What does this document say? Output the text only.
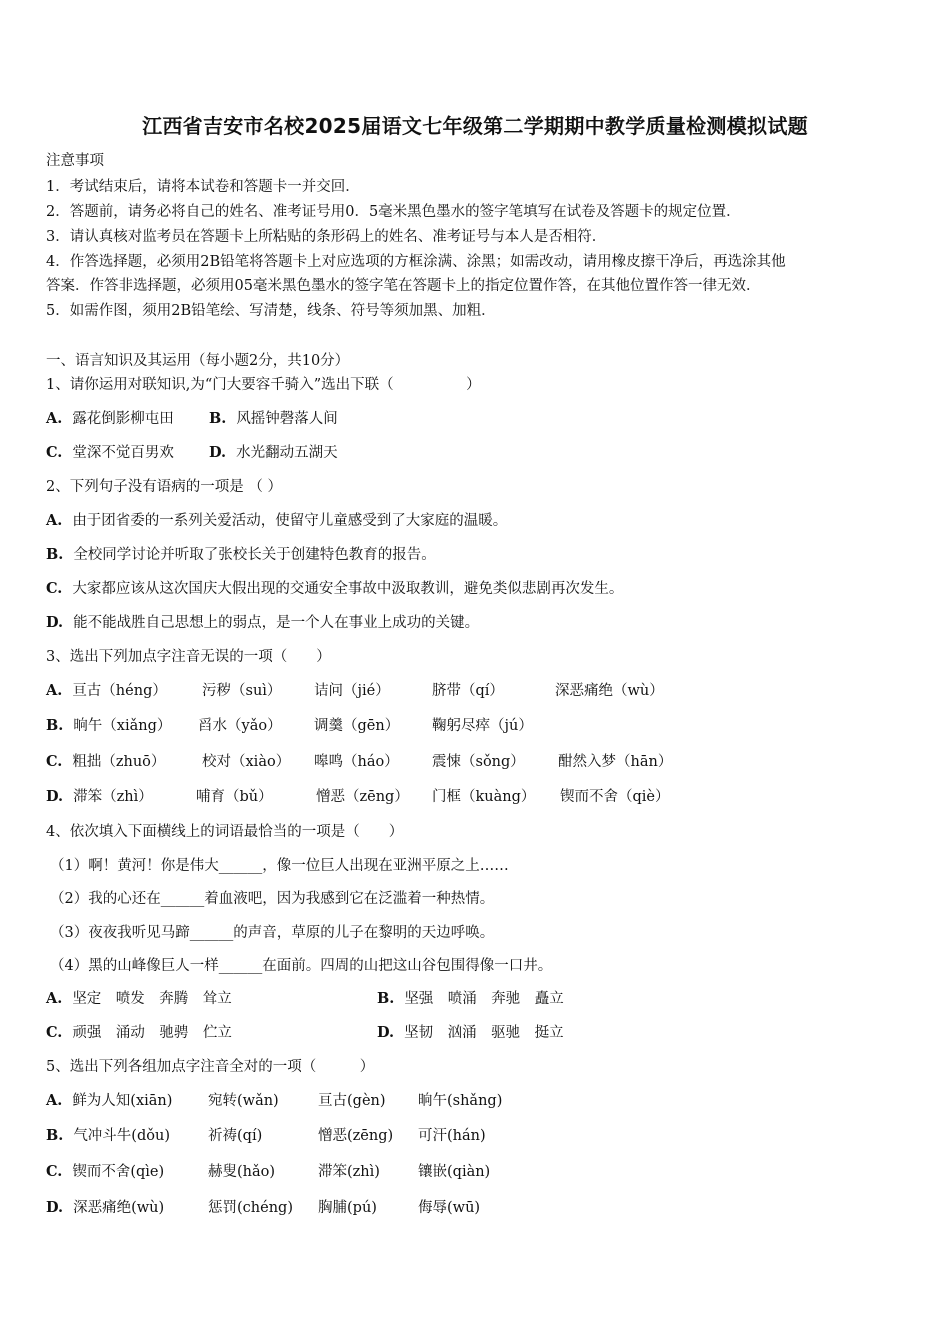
江西省吉安市名校2025届语文七年级第二学期期中教学质量检测模拟试题
注意事项
1．考试结束后，请将本试卷和答题卡一并交回．
2．答题前，请务必将自己的姓名、准考证号用0．5毫米黑色墨水的签字笔填写在试卷及答题卡的规定位置．
3．请认真核对监考员在答题卡上所粘贴的条形码上的姓名、准考证号与本人是否相符．
4．作答选择题，必须用2B铅笔将答题卡上对应选项的方框涂满、涂黑；如需改动，请用橡皮擦干净后，再选涂其他
答案．作答非选择题，必须用05毫米黑色墨水的签字笔在答题卡上的指定位置作答，在其他位置作答一律无效．
5．如需作图，须用2B铅笔绘、写清楚，线条、符号等须加黑、加粗．
一、语言知识及其运用（每小题2分，共10分）
1、请你运用对联知识,为“门大要容千骑入”选出下联（　　　　　）
A. 露花倒影柳屯田 B. 风摇钟磬落人间
C. 堂深不觉百男欢 D. 水光翻动五湖天
2、下列句子没有语病的一项是 （ ）
A. 由于团省委的一系列关爱活动，使留守儿童感受到了大家庭的温暖。
B. 全校同学讨论并听取了张校长关于创建特色教育的报告。
C. 大家都应该从这次国庆大假出现的交通安全事故中汲取教训，避免类似悲剧再次发生。
D. 能不能战胜自己思想上的弱点，是一个人在事业上成功的关键。
3、选出下列加点字注音无误的一项（　　）
A. 亘古（héng） 污秽（suì） 诘问（jié）	脐带（qí）	深恶痛绝（wù）
B. 晌午（xiǎng） 舀水（yǎo） 调羹（gēn） 鞠躬尽瘁（jú）
C. 粗拙（zhuō）	校对（xiào） 嗥鸣（háo） 震悚（sǒng） 酣然入梦（hān）
D. 滞笨（zhì）	哺育（bǔ）	憎恶（zēng） 门框（kuàng） 锲而不舍（qiè）
4、依次填入下面横线上的词语最恰当的一项是（　　）
（1）啊！黄河！你是伟大______，像一位巨人出现在亚洲平原之上……
（2）我的心还在______着血液吧，因为我感到它在泛滥着一种热情。
（3）夜夜我听见马蹄______的声音，草原的儿子在黎明的天边呼唤。
（4）黑的山峰像巨人一样______在面前。四周的山把这山谷包围得像一口井。
A. 坚定　喷发　奔腾　耸立	B. 坚强　喷涌　奔驰　矗立
C. 顽强　涌动　驰骋　伫立	D. 坚韧　汹涌　驱驰　挺立
5、选出下列各组加点字注音全对的一项（　　　）
A. 鲜为人知(xiān) 宛转(wǎn)	亘古(gèn) 晌午(shǎng)
B. 气冲斗牛(dǒu)	祈祷(qí)	憎恶(zēng) 可汗(hán)
C. 锲而不舍(qìe)	赫叟(hǎo)	滞笨(zhì)	镶嵌(qiàn)
D. 深恶痛绝(wù)	惩罚(chéng) 胸脯(pú)	侮辱(wū)
